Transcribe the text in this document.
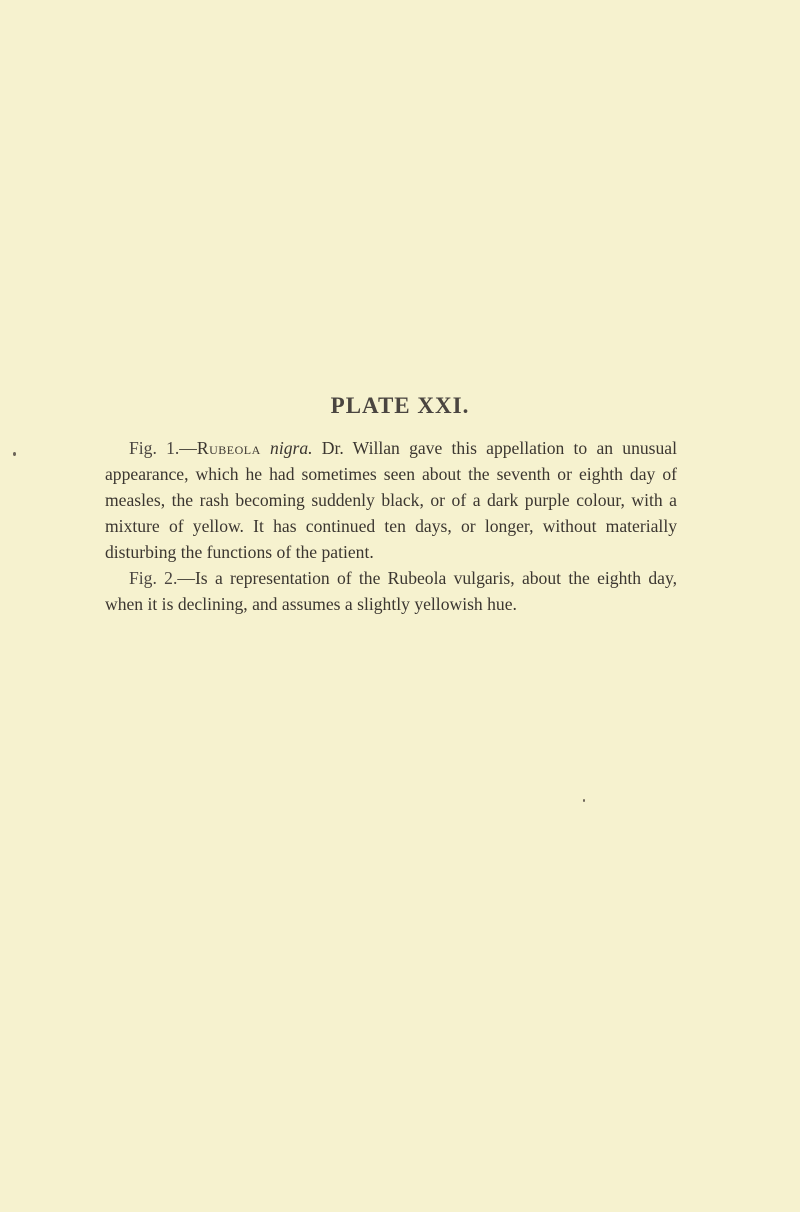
PLATE XXI.

Fig. 1.—Rubeola nigra. Dr. Willan gave this appellation to an unusual appearance, which he had sometimes seen about the seventh or eighth day of measles, the rash becoming suddenly black, or of a dark purple colour, with a mixture of yellow. It has continued ten days, or longer, without materially disturbing the functions of the patient.

Fig. 2.—Is a representation of the Rubeola vulgaris, about the eighth day, when it is declining, and assumes a slightly yellowish hue.
